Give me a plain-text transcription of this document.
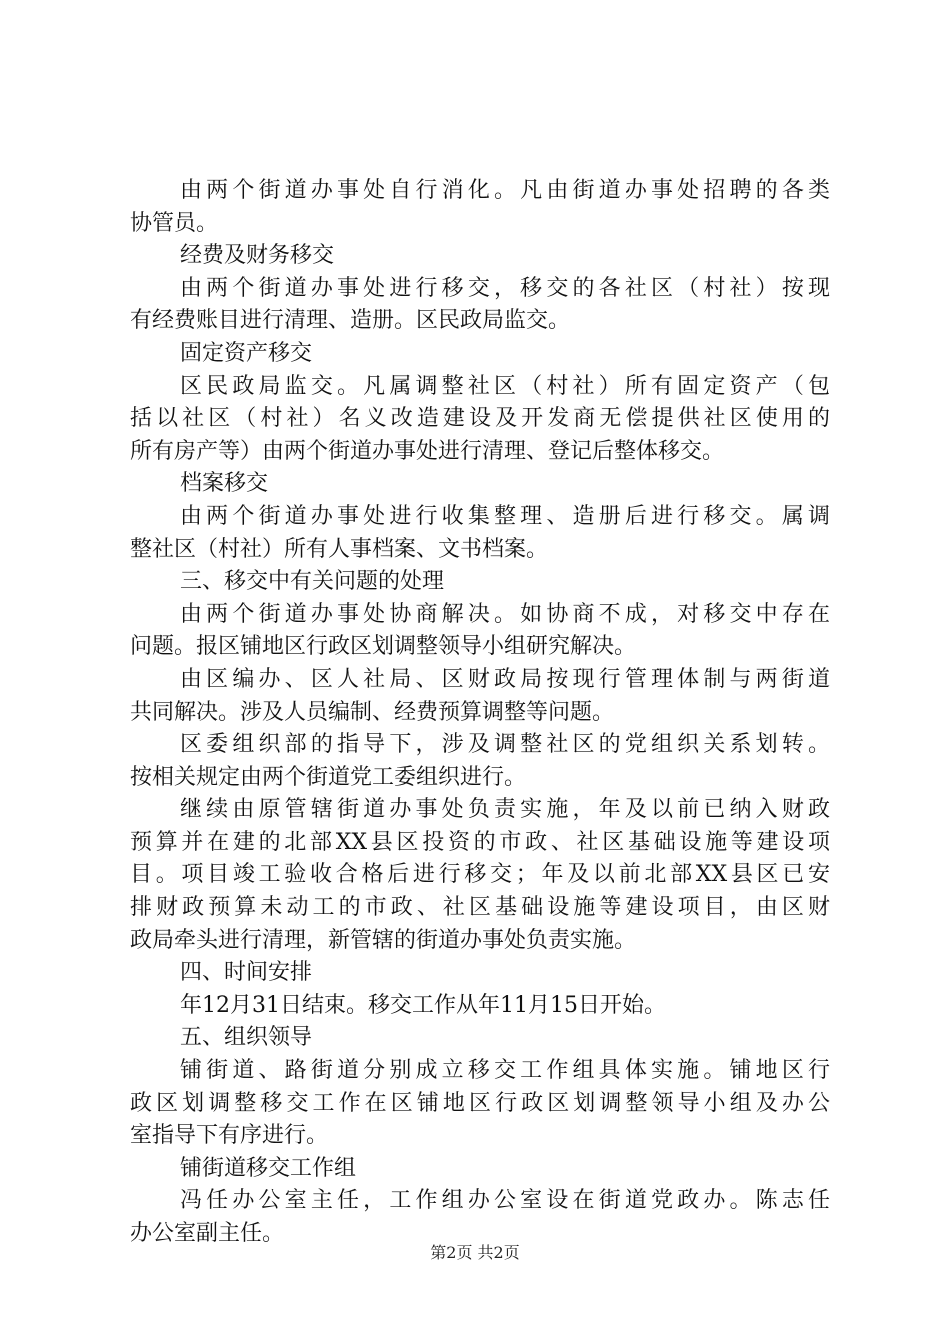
由两个街道办事处自行消化。凡由街道办事处招聘的各类
协管员。
经费及财务移交
由两个街道办事处进行移交，移交的各社区（村社）按现
有经费账目进行清理、造册。区民政局监交。
固定资产移交
区民政局监交。凡属调整社区（村社）所有固定资产（包
括以社区（村社）名义改造建设及开发商无偿提供社区使用的
所有房产等）由两个街道办事处进行清理、登记后整体移交。
档案移交
由两个街道办事处进行收集整理、造册后进行移交。属调
整社区（村社）所有人事档案、文书档案。
三、移交中有关问题的处理
由两个街道办事处协商解决。如协商不成，对移交中存在
问题。报区铺地区行政区划调整领导小组研究解决。
由区编办、区人社局、区财政局按现行管理体制与两街道
共同解决。涉及人员编制、经费预算调整等问题。
区委组织部的指导下，涉及调整社区的党组织关系划转。
按相关规定由两个街道党工委组织进行。
继续由原管辖街道办事处负责实施，年及以前已纳入财政
预算并在建的北部XX县区投资的市政、社区基础设施等建设项
目。项目竣工验收合格后进行移交；年及以前北部XX县区已安
排财政预算未动工的市政、社区基础设施等建设项目，由区财
政局牵头进行清理，新管辖的街道办事处负责实施。
四、时间安排
年12月31日结束。移交工作从年11月15日开始。
五、组织领导
铺街道、路街道分别成立移交工作组具体实施。铺地区行
政区划调整移交工作在区铺地区行政区划调整领导小组及办公
室指导下有序进行。
铺街道移交工作组
冯任办公室主任，工作组办公室设在街道党政办。陈志任
办公室副主任。
第2页 共2页
